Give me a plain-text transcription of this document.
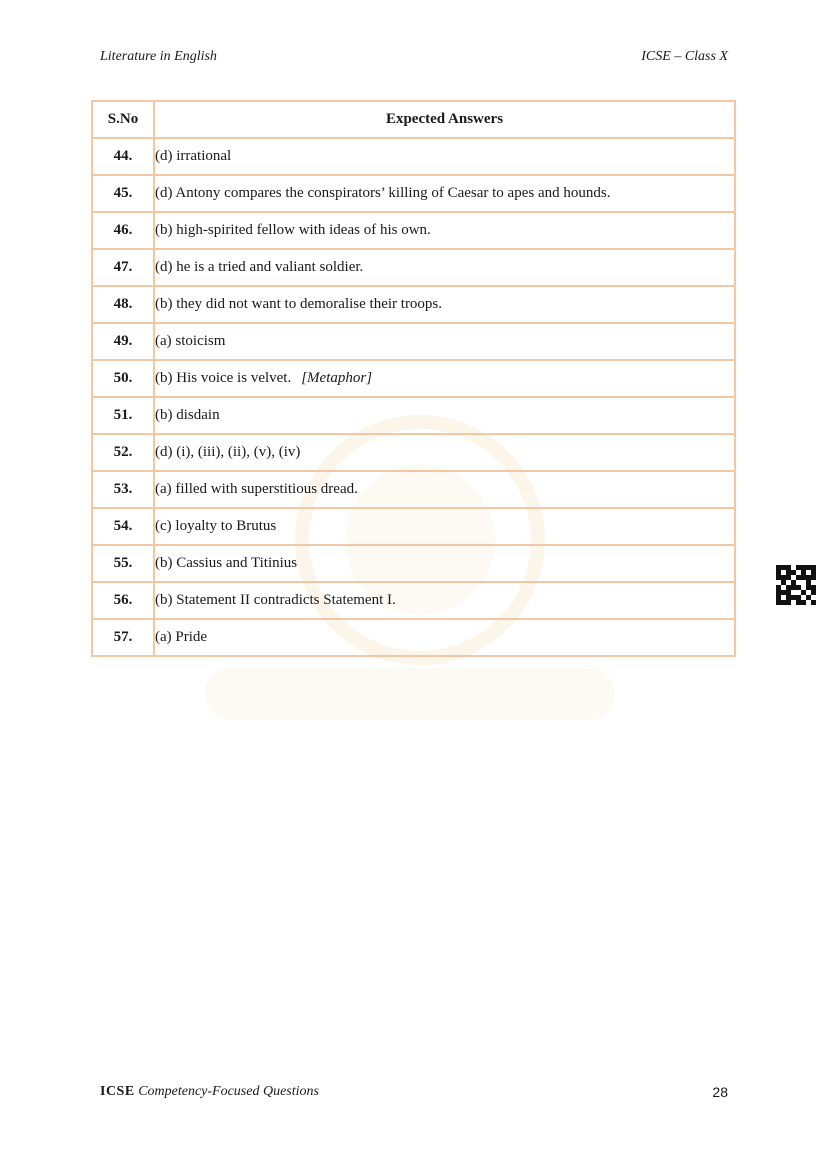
Literature in English	ICSE – Class X
S.No	Expected Answers
44.	(d) irrational
45.	(d) Antony compares the conspirators’ killing of Caesar to apes and hounds.
46.	(b) high-spirited fellow with ideas of his own.
47.	(d) he is a tried and valiant soldier.
48.	(b) they did not want to demoralise their troops.
49.	(a) stoicism
50.	(b) His voice is velvet. [Metaphor]
51.	(b) disdain
52.	(d) (i), (iii), (ii), (v), (iv)
53.	(a) filled with superstitious dread.
54.	(c) loyalty to Brutus
55.	(b) Cassius and Titinius
56.	(b) Statement II contradicts Statement I.
57.	(a) Pride
ICSE Competency-Focused Questions	28
